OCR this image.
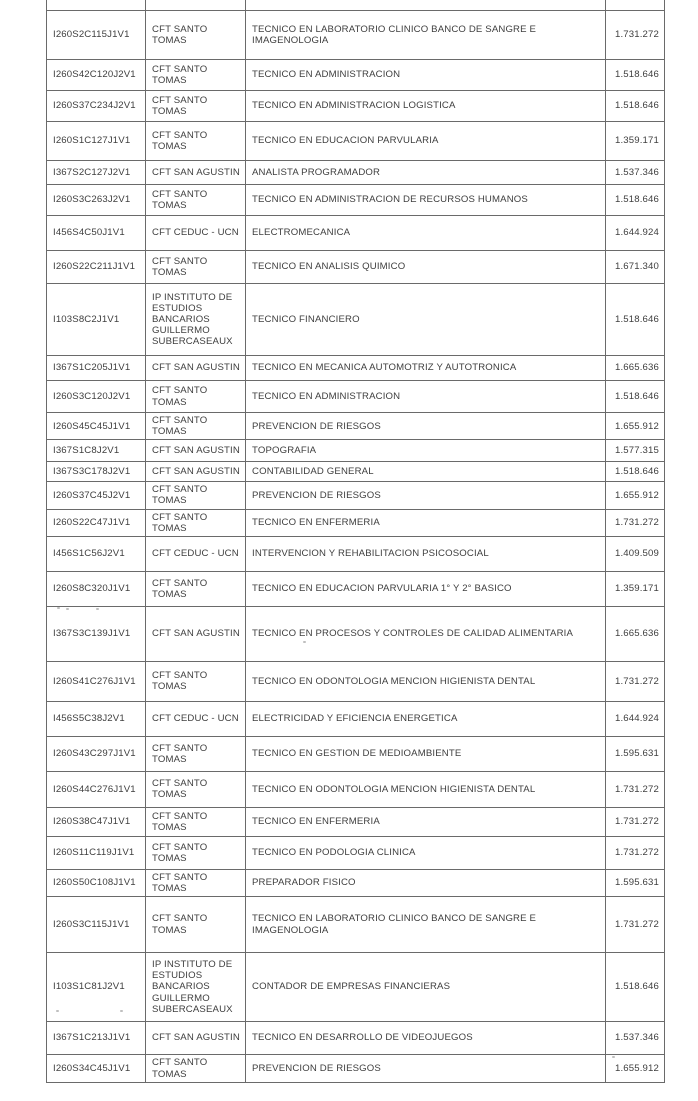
I260S2C115J1V1	CFT SANTO TOMAS	TECNICO EN LABORATORIO CLINICO BANCO DE SANGRE E IMAGENOLOGIA	1.731.272
I260S42C120J2V1	CFT SANTO TOMAS	TECNICO EN ADMINISTRACION	1.518.646
I260S37C234J2V1	CFT SANTO TOMAS	TECNICO EN ADMINISTRACION LOGISTICA	1.518.646
I260S1C127J1V1	CFT SANTO TOMAS	TECNICO EN EDUCACION PARVULARIA	1.359.171
I367S2C127J2V1	CFT SAN AGUSTIN	ANALISTA PROGRAMADOR	1.537.346
I260S3C263J2V1	CFT SANTO TOMAS	TECNICO EN ADMINISTRACION DE RECURSOS HUMANOS	1.518.646
I456S4C50J1V1	CFT CEDUC - UCN	ELECTROMECANICA	1.644.924
I260S22C211J1V1	CFT SANTO TOMAS	TECNICO EN ANALISIS QUIMICO	1.671.340
I103S8C2J1V1	IP INSTITUTO DE ESTUDIOS BANCARIOS GUILLERMO SUBERCASEAUX	TECNICO FINANCIERO	1.518.646
I367S1C205J1V1	CFT SAN AGUSTIN	TECNICO EN MECANICA AUTOMOTRIZ Y AUTOTRONICA	1.665.636
I260S3C120J2V1	CFT SANTO TOMAS	TECNICO EN ADMINISTRACION	1.518.646
I260S45C45J1V1	CFT SANTO TOMAS	PREVENCION DE RIESGOS	1.655.912
I367S1C8J2V1	CFT SAN AGUSTIN	TOPOGRAFIA	1.577.315
I367S3C178J2V1	CFT SAN AGUSTIN	CONTABILIDAD GENERAL	1.518.646
I260S37C45J2V1	CFT SANTO TOMAS	PREVENCION DE RIESGOS	1.655.912
I260S22C47J1V1	CFT SANTO TOMAS	TECNICO EN ENFERMERIA	1.731.272
I456S1C56J2V1	CFT CEDUC - UCN	INTERVENCION Y REHABILITACION PSICOSOCIAL	1.409.509
I260S8C320J1V1	CFT SANTO TOMAS	TECNICO EN EDUCACION PARVULARIA 1° Y 2° BASICO	1.359.171
I367S3C139J1V1	CFT SAN AGUSTIN	TECNICO EN PROCESOS Y CONTROLES DE CALIDAD ALIMENTARIA	1.665.636
I260S41C276J1V1	CFT SANTO TOMAS	TECNICO EN ODONTOLOGIA MENCION HIGIENISTA DENTAL	1.731.272
I456S5C38J2V1	CFT CEDUC - UCN	ELECTRICIDAD Y EFICIENCIA ENERGETICA	1.644.924
I260S43C297J1V1	CFT SANTO TOMAS	TECNICO EN GESTION DE MEDIOAMBIENTE	1.595.631
I260S44C276J1V1	CFT SANTO TOMAS	TECNICO EN ODONTOLOGIA MENCION HIGIENISTA DENTAL	1.731.272
I260S38C47J1V1	CFT SANTO TOMAS	TECNICO EN ENFERMERIA	1.731.272
I260S11C119J1V1	CFT SANTO TOMAS	TECNICO EN PODOLOGIA CLINICA	1.731.272
I260S50C108J1V1	CFT SANTO TOMAS	PREPARADOR FISICO	1.595.631
I260S3C115J1V1	CFT SANTO TOMAS	TECNICO EN LABORATORIO CLINICO BANCO DE SANGRE E IMAGENOLOGIA	1.731.272
I103S1C81J2V1	IP INSTITUTO DE ESTUDIOS BANCARIOS GUILLERMO SUBERCASEAUX	CONTADOR DE EMPRESAS FINANCIERAS	1.518.646
I367S1C213J1V1	CFT SAN AGUSTIN	TECNICO EN DESARROLLO DE VIDEOJUEGOS	1.537.346
I260S34C45J1V1	CFT SANTO TOMAS	PREVENCION DE RIESGOS	1.655.912
